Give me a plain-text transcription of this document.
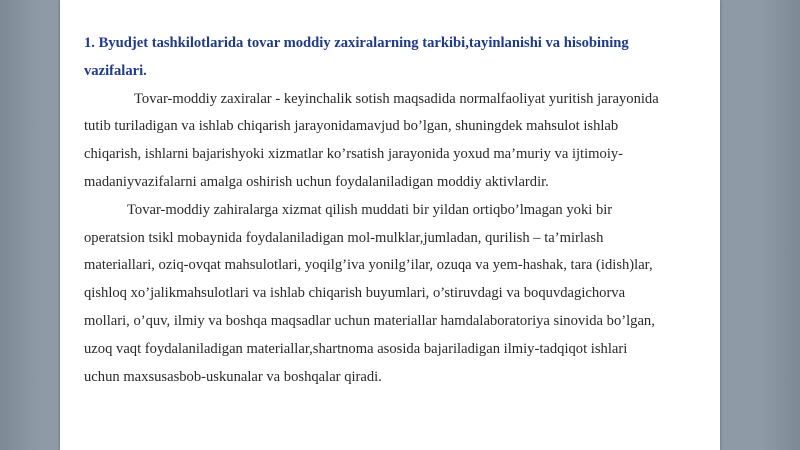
1. Byudjet tashkilotlarida tovar moddiy zaxiralarning tarkibi,tayinlanishi va hisobining
vazifalari.

Tovar-moddiy zaxiralar - keyinchalik sotish maqsadida normalfaoliyat yuritish jarayonida
tutib turiladigan va ishlab chiqarish jarayonidamavjud bo’lgan, shuningdek mahsulot ishlab
chiqarish, ishlarni bajarishyoki xizmatlar ko’rsatish jarayonida yoxud ma’muriy va ijtimoiy-
madaniyvazifalarni amalga oshirish uchun foydalaniladigan moddiy aktivlardir.

Tovar-moddiy zahiralarga xizmat qilish muddati bir yildan ortiqbo’lmagan yoki bir
operatsion tsikl mobaynida foydalaniladigan mol-mulklar,jumladan, qurilish – ta’mirlash
materiallari, oziq-ovqat mahsulotlari, yoqilg’iva yonilg’ilar, ozuqa va yem-hashak, tara (idish)lar,
qishloq xo’jalikmahsulotlari va ishlab chiqarish buyumlari, o’stiruvdagi va boquvdagichorva
mollari, o’quv, ilmiy va boshqa maqsadlar uchun materiallar hamdalaboratoriya sinovida bo’lgan,
uzoq vaqt foydalaniladigan materiallar,shartnoma asosida bajariladigan ilmiy-tadqiqot ishlari
uchun maxsusasbob-uskunalar va boshqalar qiradi.
